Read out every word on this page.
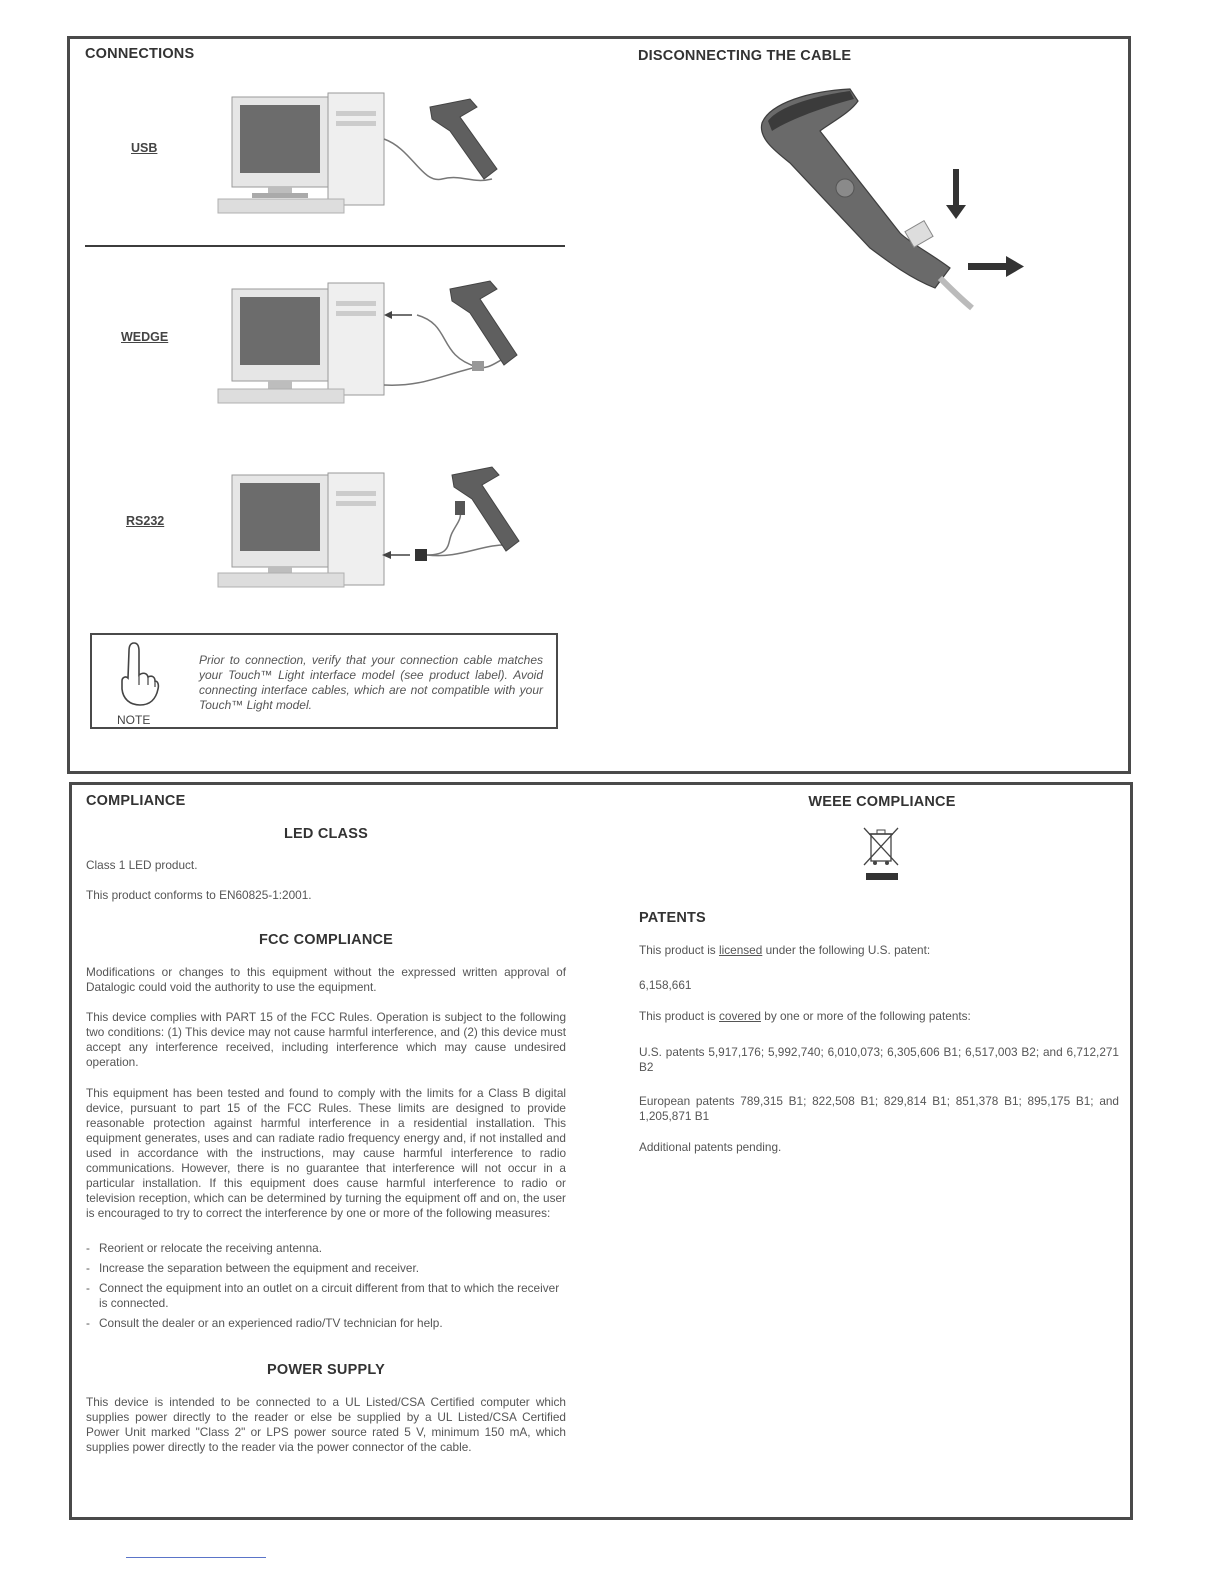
CONNECTIONS	DISCONNECTING THE CABLE
USB
WEDGE
RS232

Prior to connection, verify that your connection cable matches your Touch™ Light interface model (see product label). Avoid connecting interface cables, which are not compatible with your Touch™ Light model.

NOTE
COMPLIANCE
LED CLASS

Class 1 LED product.

This product conforms to EN60825-1:2001.

FCC COMPLIANCE

Modifications or changes to this equipment without the expressed written approval of Datalogic could void the authority to use the equipment.

This device complies with PART 15 of the FCC Rules. Operation is subject to the following two conditions: (1) This device may not cause harmful interference, and (2) this device must accept any interference received, including interference which may cause undesired operation.

This equipment has been tested and found to comply with the limits for a Class B digital device, pursuant to part 15 of the FCC Rules. These limits are designed to provide reasonable protection against harmful interference in a residential installation. This equipment generates, uses and can radiate radio frequency energy and, if not installed and used in accordance with the instructions, may cause harmful interference to radio communications. However, there is no guarantee that interference will not occur in a particular installation. If this equipment does cause harmful interference to radio or television reception, which can be determined by turning the equipment off and on, the user is encouraged to try to correct the interference by one or more of the following measures:

- Reorient or relocate the receiving antenna.
- Increase the separation between the equipment and receiver.
- Connect the equipment into an outlet on a circuit different from that to which the receiver is connected.
- Consult the dealer or an experienced radio/TV technician for help.
POWER SUPPLY

This device is intended to be connected to a UL Listed/CSA Certified computer which supplies power directly to the reader or else be supplied by a UL Listed/CSA Certified Power Unit marked "Class 2" or LPS power source rated 5 V, minimum 150 mA, which supplies power directly to the reader via the power connector of the cable.

WEEE COMPLIANCE
PATENTS

This product is licensed under the following U.S. patent:

6,158,661

This product is covered by one or more of the following patents:

U.S. patents 5,917,176; 5,992,740; 6,010,073; 6,305,606 B1; 6,517,003 B2; and 6,712,271 B2

European patents 789,315 B1; 822,508 B1; 829,814 B1; 851,378 B1; 895,175 B1; and 1,205,871 B1

Additional patents pending.
